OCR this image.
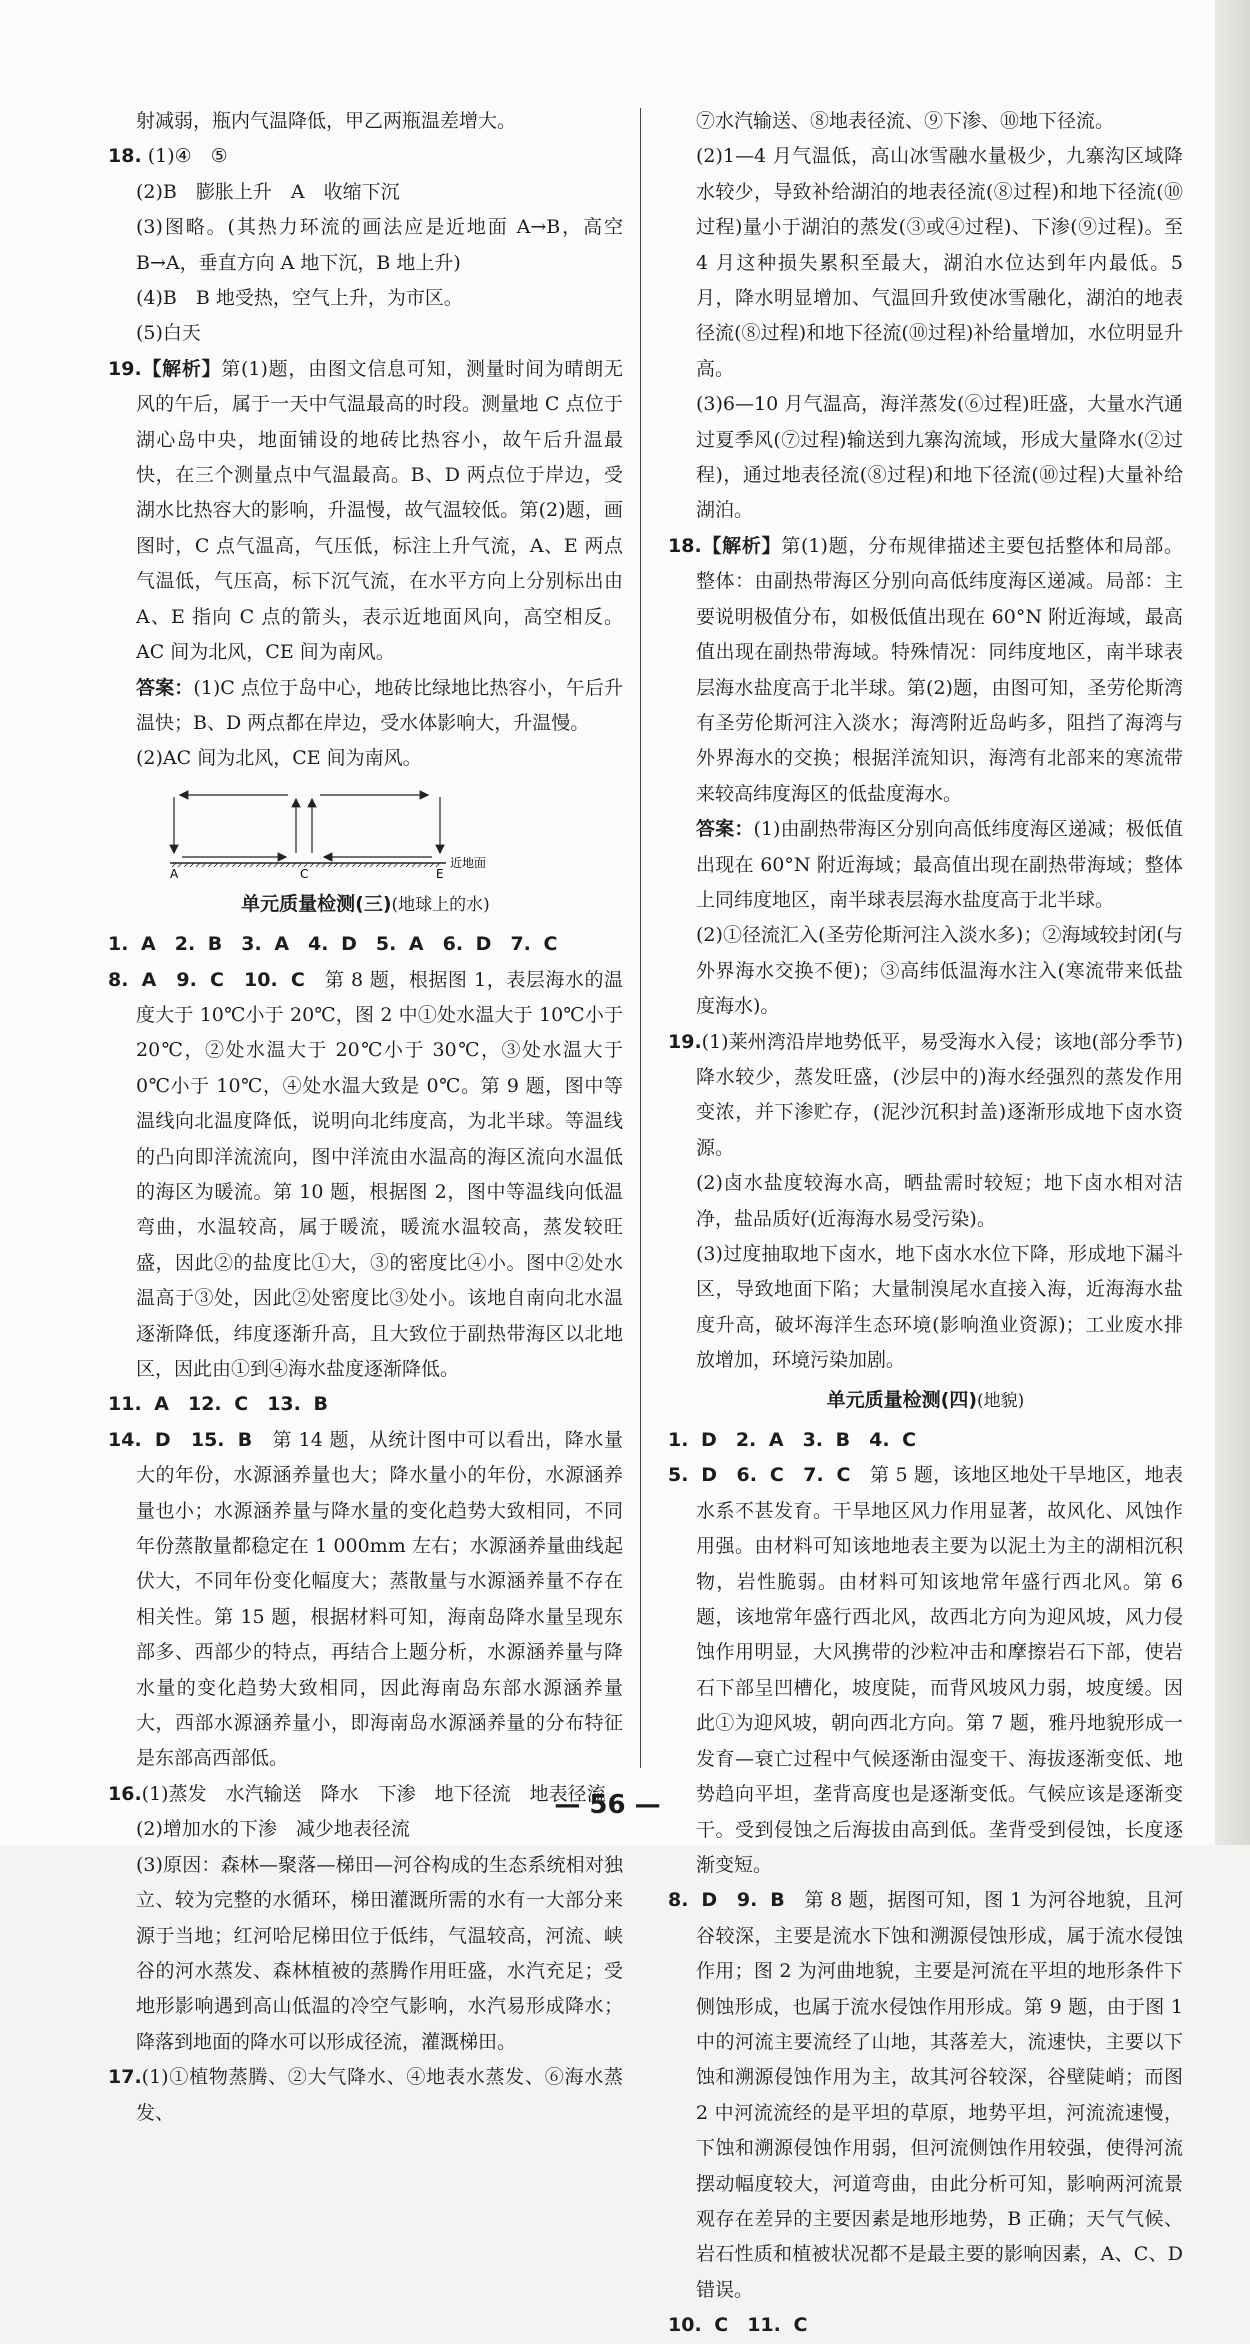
射减弱，瓶内气温降低，甲乙两瓶温差增大。

18. (1)④　⑤

(2)B　膨胀上升　A　收缩下沉

(3)图略。(其热力环流的画法应是近地面 A→B，高空 B→A，垂直方向 A 地下沉，B 地上升)

(4)B　B 地受热，空气上升，为市区。

(5)白天

19.【解析】第(1)题，由图文信息可知，测量时间为晴朗无风的午后，属于一天中气温最高的时段。测量地 C 点位于湖心岛中央，地面铺设的地砖比热容小，故午后升温最快，在三个测量点中气温最高。B、D 两点位于岸边，受湖水比热容大的影响，升温慢，故气温较低。第(2)题，画图时，C 点气温高，气压低，标注上升气流，A、E 两点气温低，气压高，标下沉气流，在水平方向上分别标出由 A、E 指向 C 点的箭头，表示近地面风向，高空相反。AC 间为北风，CE 间为南风。

答案：(1)C 点位于岛中心，地砖比绿地比热容小，午后升温快；B、D 两点都在岸边，受水体影响大，升温慢。

(2)AC 间为北风，CE 间为南风。

A	C	E
近地面

单元质量检测(三)(地球上的水)

1. A　2. B　3. A　4. D　5. A　6. D　7. C

8. A　9. C　10. C　 第 8 题，根据图 1，表层海水的温度大于 10℃小于 20℃，图 2 中①处水温大于 10℃小于 20℃，②处水温大于 20℃小于 30℃，③处水温大于 0℃小于 10℃，④处水温大致是 0℃。第 9 题，图中等温线向北温度降低，说明向北纬度高，为北半球。等温线的凸向即洋流流向，图中洋流由水温高的海区流向水温低的海区为暖流。第 10 题，根据图 2，图中等温线向低温弯曲，水温较高，属于暖流，暖流水温较高，蒸发较旺盛，因此②的盐度比①大，③的密度比④小。图中②处水温高于③处，因此②处密度比③处小。该地自南向北水温逐渐降低，纬度逐渐升高，且大致位于副热带海区以北地区，因此由①到④海水盐度逐渐降低。

11. A　12. C　13. B

14. D　15. B　 第 14 题，从统计图中可以看出，降水量大的年份，水源涵养量也大；降水量小的年份，水源涵养量也小；水源涵养量与降水量的变化趋势大致相同，不同年份蒸散量都稳定在 1 000mm 左右；水源涵养量曲线起伏大，不同年份变化幅度大；蒸散量与水源涵养量不存在相关性。第 15 题，根据材料可知，海南岛降水量呈现东部多、西部少的特点，再结合上题分析，水源涵养量与降水量的变化趋势大致相同，因此海南岛东部水源涵养量大，西部水源涵养量小，即海南岛水源涵养量的分布特征是东部高西部低。

16.(1)蒸发　水汽输送　降水　下渗　地下径流　地表径流

(2)增加水的下渗　减少地表径流

(3)原因：森林—聚落—梯田—河谷构成的生态系统相对独立、较为完整的水循环，梯田灌溉所需的水有一大部分来源于当地；红河哈尼梯田位于低纬，气温较高，河流、峡谷的河水蒸发、森林植被的蒸腾作用旺盛，水汽充足；受地形影响遇到高山低温的冷空气影响，水汽易形成降水；降落到地面的降水可以形成径流，灌溉梯田。

17.(1)①植物蒸腾、②大气降水、④地表水蒸发、⑥海水蒸发、

⑦水汽输送、⑧地表径流、⑨下渗、⑩地下径流。

(2)1—4 月气温低，高山冰雪融水量极少，九寨沟区域降水较少，导致补给湖泊的地表径流(⑧过程)和地下径流(⑩过程)量小于湖泊的蒸发(③或④过程)、下渗(⑨过程)。至 4 月这种损失累积至最大，湖泊水位达到年内最低。5 月，降水明显增加、气温回升致使冰雪融化，湖泊的地表径流(⑧过程)和地下径流(⑩过程)补给量增加，水位明显升高。

(3)6—10 月气温高，海洋蒸发(⑥过程)旺盛，大量水汽通过夏季风(⑦过程)输送到九寨沟流域，形成大量降水(②过程)，通过地表径流(⑧过程)和地下径流(⑩过程)大量补给湖泊。

18.【解析】第(1)题，分布规律描述主要包括整体和局部。整体：由副热带海区分别向高低纬度海区递减。局部：主要说明极值分布，如极低值出现在 60°N 附近海域，最高值出现在副热带海域。特殊情况：同纬度地区，南半球表层海水盐度高于北半球。第(2)题，由图可知，圣劳伦斯湾有圣劳伦斯河注入淡水；海湾附近岛屿多，阻挡了海湾与外界海水的交换；根据洋流知识，海湾有北部来的寒流带来较高纬度海区的低盐度海水。

答案：(1)由副热带海区分别向高低纬度海区递减；极低值出现在 60°N 附近海域；最高值出现在副热带海域；整体上同纬度地区，南半球表层海水盐度高于北半球。

(2)①径流汇入(圣劳伦斯河注入淡水多)；②海域较封闭(与外界海水交换不便)；③高纬低温海水注入(寒流带来低盐度海水)。

19.(1)莱州湾沿岸地势低平，易受海水入侵；该地(部分季节)降水较少，蒸发旺盛，(沙层中的)海水经强烈的蒸发作用变浓，并下渗贮存，(泥沙沉积封盖)逐渐形成地下卤水资源。

(2)卤水盐度较海水高，晒盐需时较短；地下卤水相对洁净，盐品质好(近海海水易受污染)。

(3)过度抽取地下卤水，地下卤水水位下降，形成地下漏斗区，导致地面下陷；大量制溴尾水直接入海，近海海水盐度升高，破坏海洋生态环境(影响渔业资源)；工业废水排放增加，环境污染加剧。

单元质量检测(四)(地貌)

1. D　2. A　3. B　4. C

5. D　6. C　7. C　 第 5 题，该地区地处干旱地区，地表水系不甚发育。干旱地区风力作用显著，故风化、风蚀作用强。由材料可知该地地表主要为以泥土为主的湖相沉积物，岩性脆弱。由材料可知该地常年盛行西北风。第 6 题，该地常年盛行西北风，故西北方向为迎风坡，风力侵蚀作用明显，大风携带的沙粒冲击和摩擦岩石下部，使岩石下部呈凹槽化，坡度陡，而背风坡风力弱，坡度缓。因此①为迎风坡，朝向西北方向。第 7 题，雅丹地貌形成一发育—衰亡过程中气候逐渐由湿变干、海拔逐渐变低、地势趋向平坦，垄背高度也是逐渐变低。气候应该是逐渐变干。受到侵蚀之后海拔由高到低。垄背受到侵蚀，长度逐渐变短。

8. D　9. B　 第 8 题，据图可知，图 1 为河谷地貌，且河谷较深，主要是流水下蚀和溯源侵蚀形成，属于流水侵蚀作用；图 2 为河曲地貌，主要是河流在平坦的地形条件下侧蚀形成，也属于流水侵蚀作用形成。第 9 题，由于图 1 中的河流主要流经了山地，其落差大，流速快，主要以下蚀和溯源侵蚀作用为主，故其河谷较深，谷壁陡峭；而图 2 中河流流经的是平坦的草原，地势平坦，河流流速慢，下蚀和溯源侵蚀作用弱，但河流侧蚀作用较强，使得河流摆动幅度较大，河道弯曲，由此分析可知，影响两河流景观存在差异的主要因素是地形地势，B 正确；天气气候、岩石性质和植被状况都不是最主要的影响因素，A、C、D 错误。

10. C　11. C

— 56 —
